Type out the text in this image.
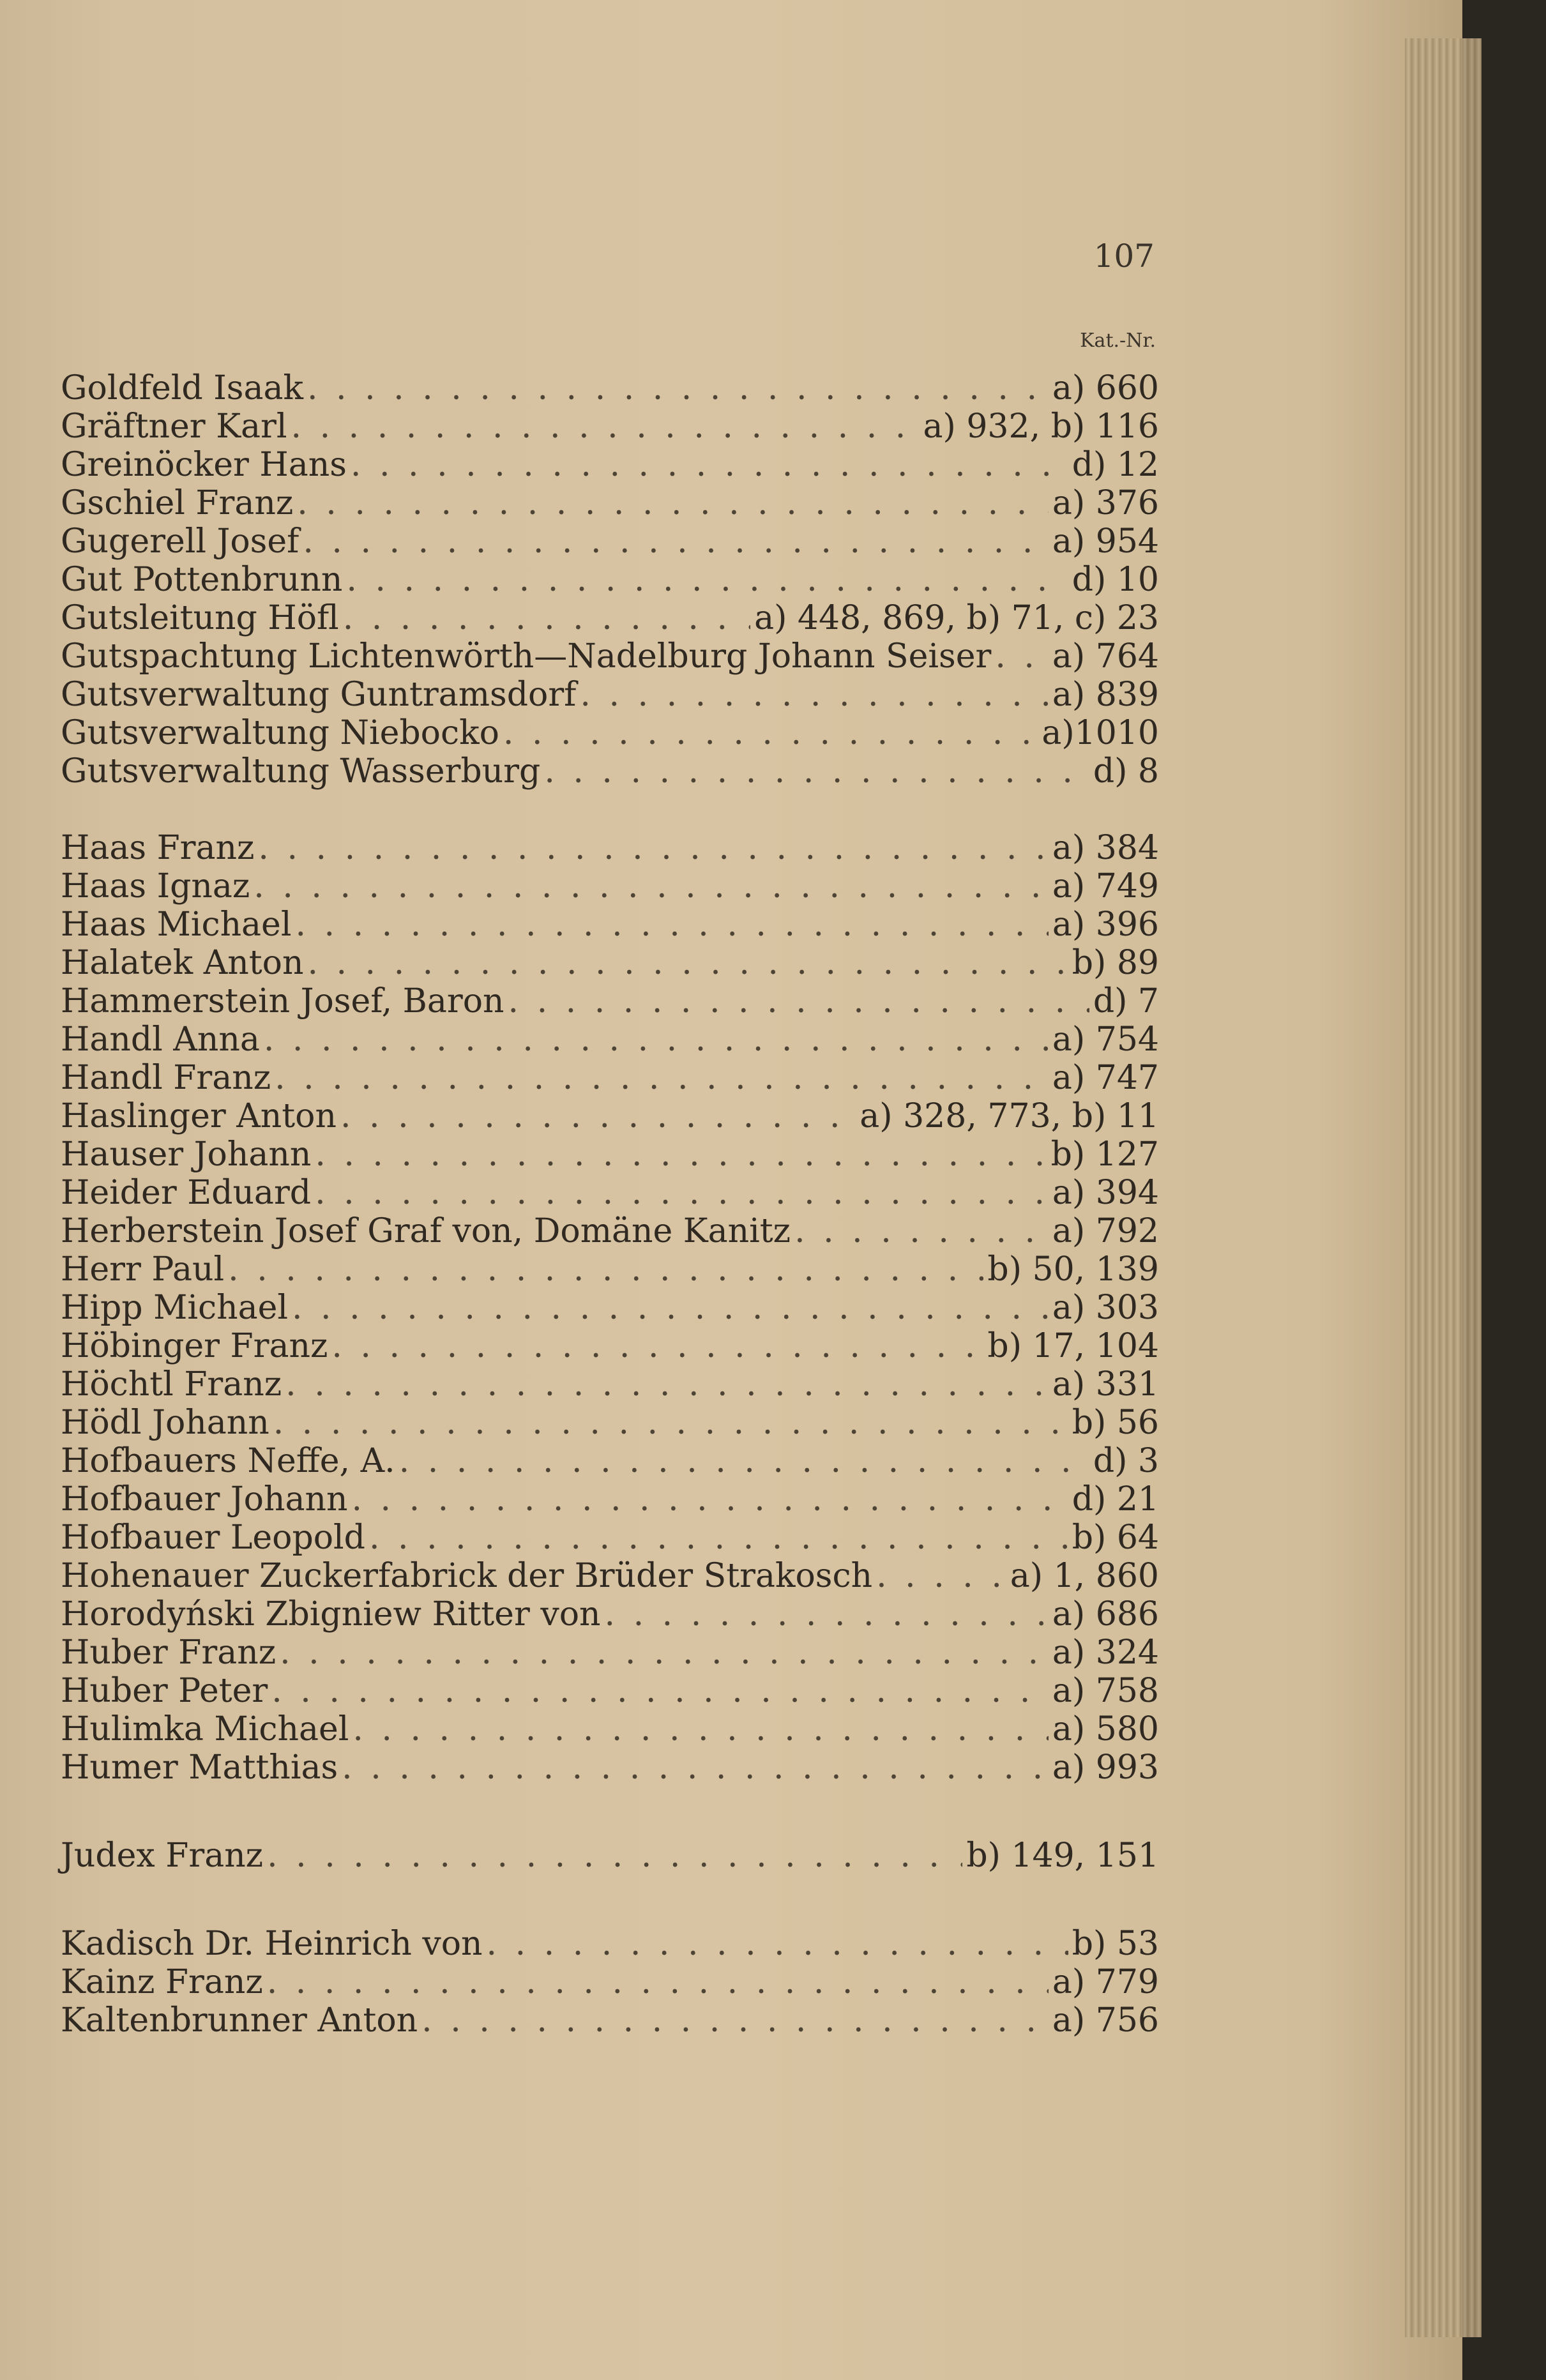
107
Kat.-Nr.
Goldfeld Isaak . . .	a) 660
Gräftner Karl . . .	a) 932, b) 116
Greinöcker Hans . . .	d) 12
Gschiel Franz . . .	a) 376
Gugerell Josef . . .	a) 954
Gut Pottenbrunn . . .	d) 10
Gutsleitung Höfl . . .	a) 448, 869, b) 71, c) 23
Gutspachtung Lichtenwörth—Nadelburg Johann Seiser . . . a) 764
Gutsverwaltung Guntramsdorf . . .	a) 839
Gutsverwaltung Niebocko . . .	a)1010
Gutsverwaltung Wasserburg . . .	d) 8
Haas Franz . . .	a) 384
Haas Ignaz . . .	a) 749
Haas Michael . . .	a) 396
Halatek Anton . . .	b) 89
Hammerstein Josef, Baron . . .	d) 7
Handl Anna . . .	a) 754
Handl Franz . . .	a) 747
Haslinger Anton . . .	a) 328, 773, b) 11
Hauser Johann . . .	b) 127
Heider Eduard . . .	a) 394
Herberstein Josef Graf von, Domäne Kanitz . . .	a) 792
Herr Paul . . .	b) 50, 139
Hipp Michael . . .	a) 303
Höbinger Franz . . .	b) 17, 104
Höchtl Franz . . .	a) 331
Hödl Johann . . .	b) 56
Hofbauers Neffe, A. . . .	d) 3
Hofbauer Johann . . .	d) 21
Hofbauer Leopold . . .	b) 64
Hohenauer Zuckerfabrick der Brüder Strakosch . . .	a) 1, 860
Horodyński Zbigniew Ritter von . . .	a) 686
Huber Franz . . .	a) 324
Huber Peter . . .	a) 758
Hulimka Michael . . .	a) 580
Humer Matthias . . .	a) 993
Judex Franz . . .	b) 149, 151
Kadisch Dr. Heinrich von . . .	b) 53
Kainz Franz . . .	a) 779
Kaltenbrunner Anton . . .	a) 756
